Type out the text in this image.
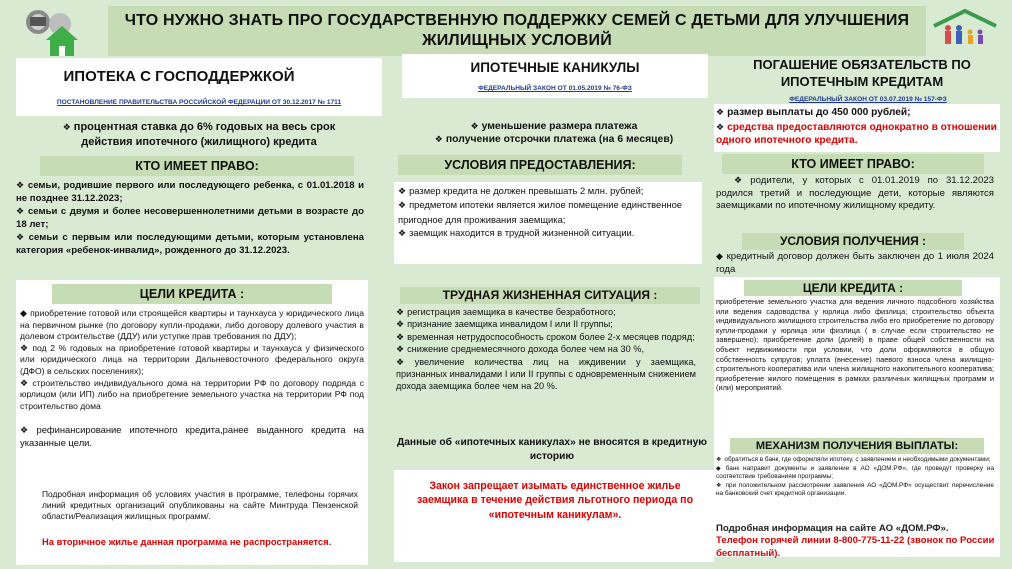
ЧТО НУЖНО ЗНАТЬ ПРО ГОСУДАРСТВЕННУЮ ПОДДЕРЖКУ СЕМЕЙ С ДЕТЬМИ ДЛЯ УЛУЧШЕНИЯ
ЖИЛИЩНЫХ УСЛОВИЙ
ИПОТЕКА С ГОСПОДДЕРЖКОЙ
ПОСТАНОВЛЕНИЕ ПРАВИТЕЛЬСТВА РОССИЙСКОЙ ФЕДЕРАЦИИ ОТ 30.12.2017 № 1711
❖ процентная ставка до 6% годовых на весь срок
действия ипотечного (жилищного) кредита
КТО ИМЕЕТ ПРАВО:
❖ семьи, родившие первого или последующего ребенка, с 01.01.2018 и не позднее 31.12.2023;
❖ семьи с двумя и более несовершеннолетними детьми в возрасте до 18 лет;
❖ семьи с первым или последующими детьми, которым установлена категория «ребенок-инвалид», рожденного до 31.12.2023.
ЦЕЛИ КРЕДИТА :
◆ приобретение готовой или строящейся квартиры и таунхауса у юридического лица на первичном рынке (по договору купли-продажи, либо договору долевого участия в долевом строительстве (ДДУ) или уступке прав требования по ДДУ);
❖ под 2 % годовых на приобретение готовой квартиры и таунхауса у физического или юридического лица на территории Дальневосточного федерального округа (ДФО) в сельских поселениях);
❖ строительство индивидуального дома на территории РФ по договору подряда с юрлицом (или ИП) либо на приобретение земельного участка на территории РФ под строительство дома
❖ рефинансирование ипотечного кредита,ранее выданного кредита на указанные цели.
Подробная информация об условиях участия в программе, телефоны горячих линий кредитных организаций опубликованы на сайте Минтруда Пензенской области/Реализация жилищных программ/.
На вторичное жилье данная программа не распространяется.
ИПОТЕЧНЫЕ КАНИКУЛЫ
ФЕДЕРАЛЬНЫЙ ЗАКОН ОТ 01.05.2019 № 76-ФЗ
❖ уменьшение размера платежа
❖ получение отсрочки платежа (на 6 месяцев)
УСЛОВИЯ ПРЕДОСТАВЛЕНИЯ:
❖ размер кредита не должен превышать 2 млн. рублей;
❖ предметом ипотеки является жилое помещение единственное пригодное для проживания заемщика;
❖ заемщик находится в трудной жизненной ситуации.
ТРУДНАЯ ЖИЗНЕННАЯ СИТУАЦИЯ :
❖ регистрация заемщика в качестве безработного;
❖ признание заемщика инвалидом I или II группы;
❖ временная нетрудоспособность сроком более 2-х месяцев подряд;
❖ снижение среднемесячного дохода более чем на 30 %,
❖ увеличение количества лиц на иждивении у заемщика, признанных инвалидами I или II группы с одновременным снижением дохода заемщика более чем на 20 %.
Данные об «ипотечных каникулах» не вносятся в кредитную историю
Закон запрещает изымать единственное жилье заемщика в течение действия льготного периода по «ипотечным каникулам».
ПОГАШЕНИЕ ОБЯЗАТЕЛЬСТВ ПО
ИПОТЕЧНЫМ КРЕДИТАМ
ФЕДЕРАЛЬНЫЙ ЗАКОН ОТ 03.07.2019 № 157-ФЗ
❖ размер выплаты до 450 000 рублей;
❖ средства предоставляются однократно в отношении одного ипотечного кредита.
КТО ИМЕЕТ ПРАВО:
❖ родители, у которых с 01.01.2019 по 31.12.2023 родился третий и последующие дети, которые являются заемщиками по ипотечному жилищному кредиту.
УСЛОВИЯ ПОЛУЧЕНИЯ :
◆ кредитный договор должен быть заключен до 1 июля 2024 года
ЦЕЛИ КРЕДИТА :
приобретение земельного участка для ведения личного подсобного хозяйства или ведения садоводства у юрлица либо физлица; строительство объекта индивидуального жилищного строительства либо его приобретение по договору купли-продажи у юрлица или физлица ( в случае если строительство не завершено); приобретение доли (долей) в праве общей собственности на объект недвижимости при условии, что доли оформляются в общую собственность супругов; уплата (внесение) паевого взноса члена жилищно-строительного кооператива или члена жилищного накопительного кооператива; приобретение жилого помещения в рамках различных жилищных программ и (или) мероприятий.
МЕХАНИЗМ ПОЛУЧЕНИЯ ВЫПЛАТЫ:
❖ обратиться в банк, где оформляли ипотеку, с заявлением и необходимыми документами;
◆ банк направит документы и заявление в АО «ДОМ.РФ», где проведут проверку на соответствие требованиям программы;
❖ при положительном рассмотрении заявления АО «ДОМ.РФ» осуществит перечисление на банковский счет кредитной организации.
Подробная информация на сайте АО «ДОМ.РФ».
Телефон горячей линии 8-800-775-11-22 (звонок по России бесплатный).
